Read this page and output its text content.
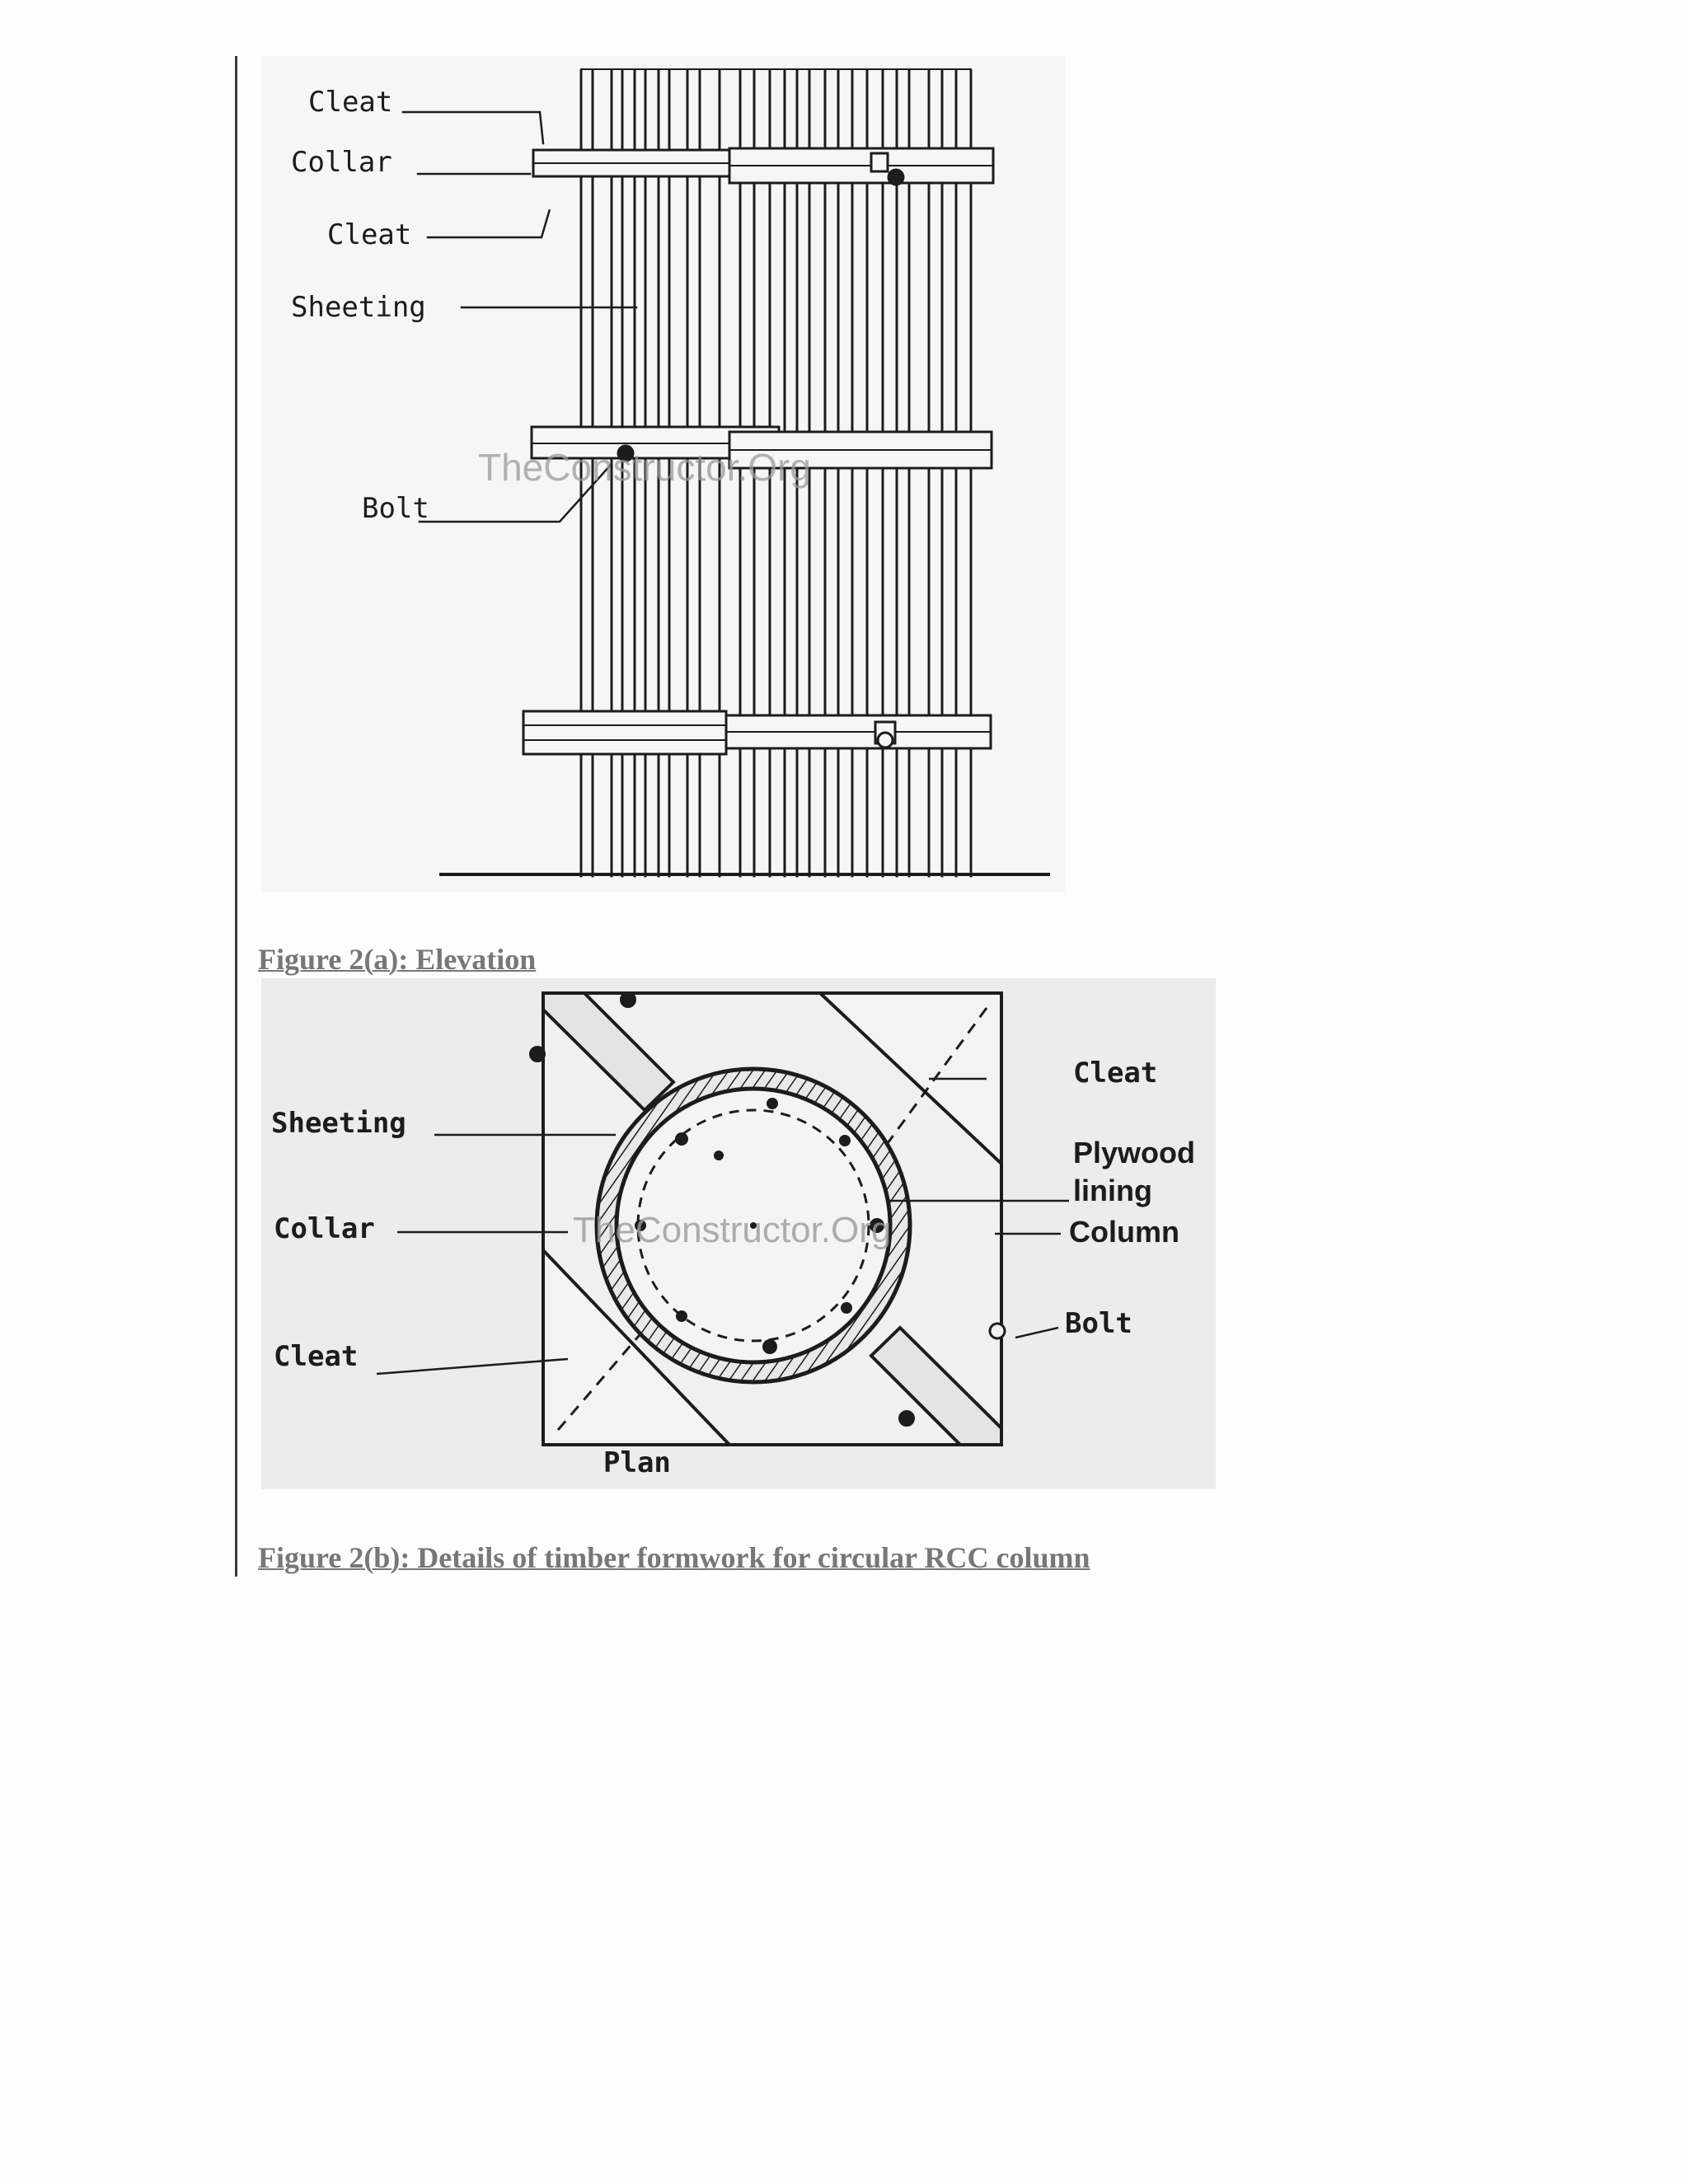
Cleat
Collar
Cleat
Sheeting
Bolt
TheConstructor.Org
Figure 2(a): Elevation
Sheeting
Collar
Cleat
Plan
Cleat
Bolt
Plywood
lining
Column
TheConstructor.Org
Figure 2(b): Details of timber formwork for circular RCC column
